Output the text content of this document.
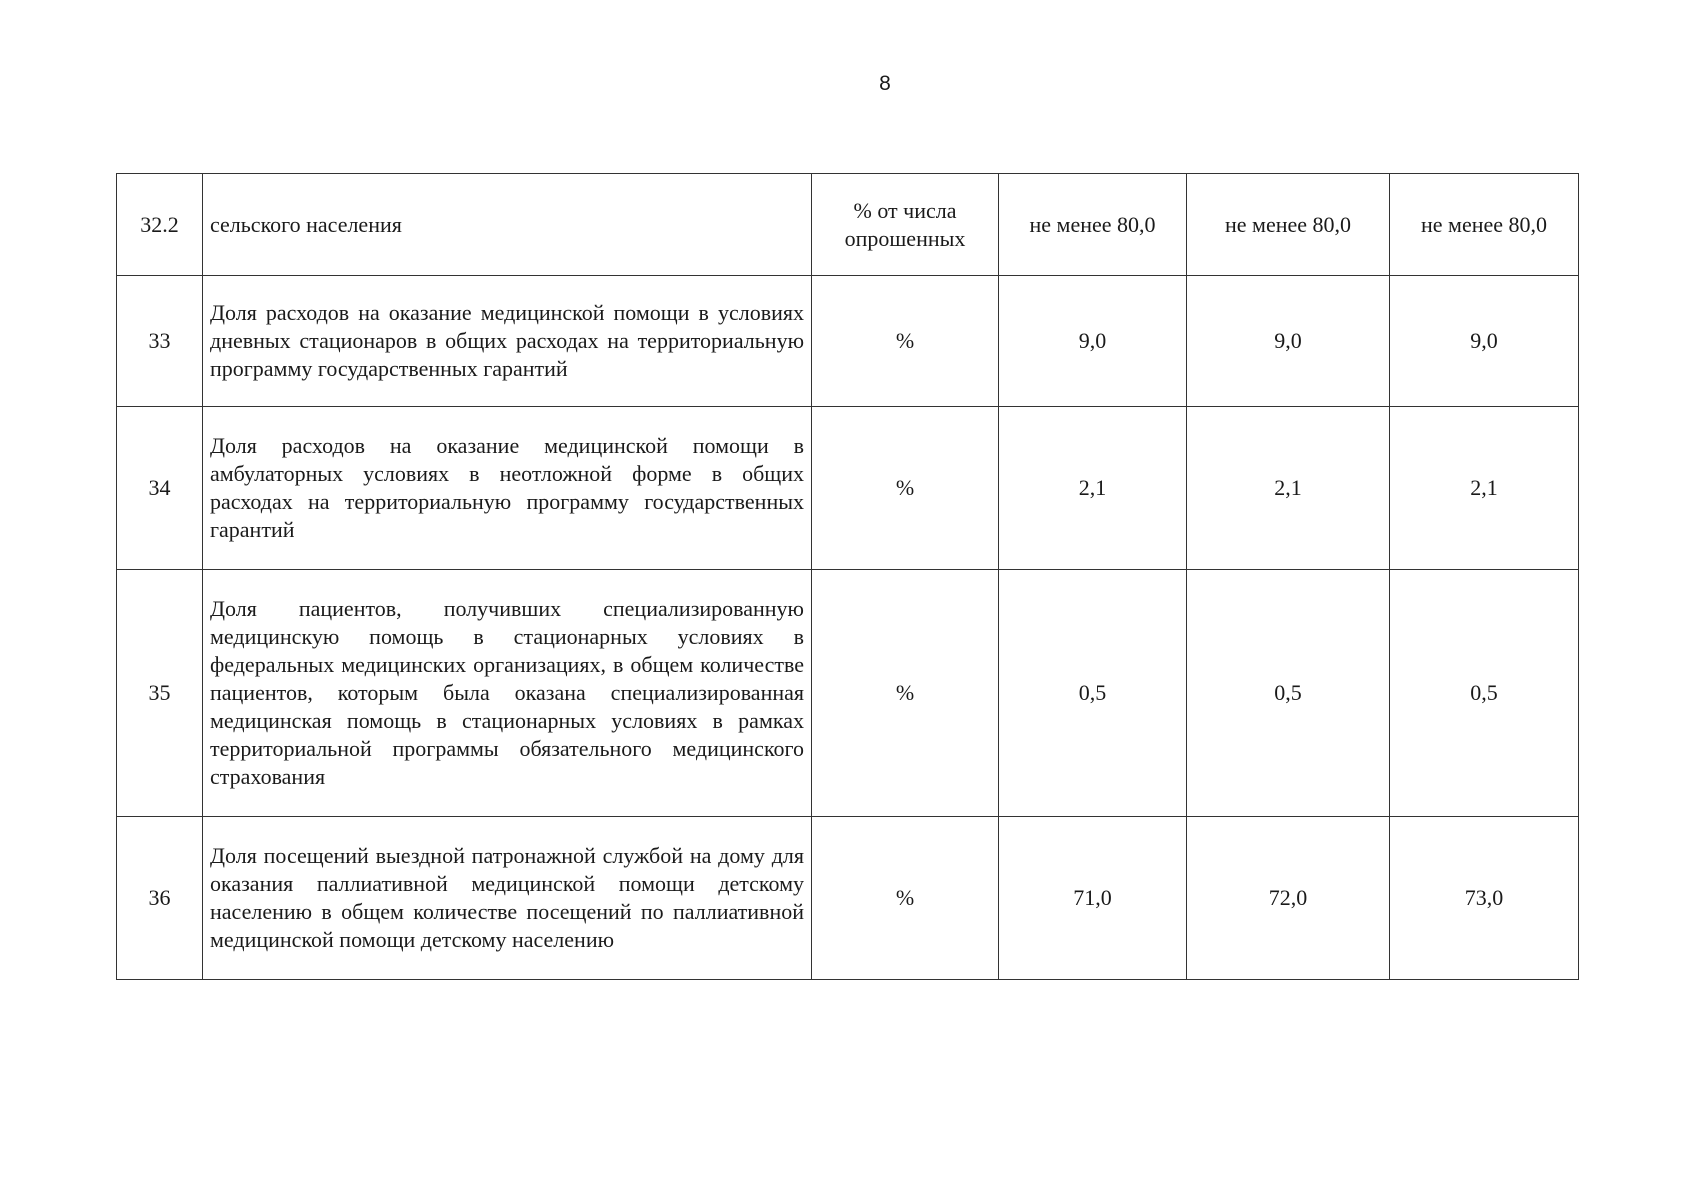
8
32.2	сельского населения	% от числа опрошенных	не менее 80,0	не менее 80,0	не менее 80,0
33	Доля расходов на оказание медицинской помощи в условиях дневных стационаров в общих расходах на территориальную программу государственных гарантий	%	9,0	9,0	9,0
34	Доля расходов на оказание медицинской помощи в амбулаторных условиях в неотложной форме в общих расходах на территориальную программу государственных гарантий	%	2,1	2,1	2,1
35	Доля пациентов, получивших специализированную медицинскую помощь в стационарных условиях в федеральных медицинских организациях, в общем количестве пациентов, которым была оказана специализированная медицинская помощь в стационарных условиях в рамках территориальной программы обязательного медицинского страхования	%	0,5	0,5	0,5
36	Доля посещений выездной патронажной службой на дому для оказания паллиативной медицинской помощи детскому населению в общем количестве посещений по паллиативной медицинской помощи детскому населению	%	71,0	72,0	73,0
